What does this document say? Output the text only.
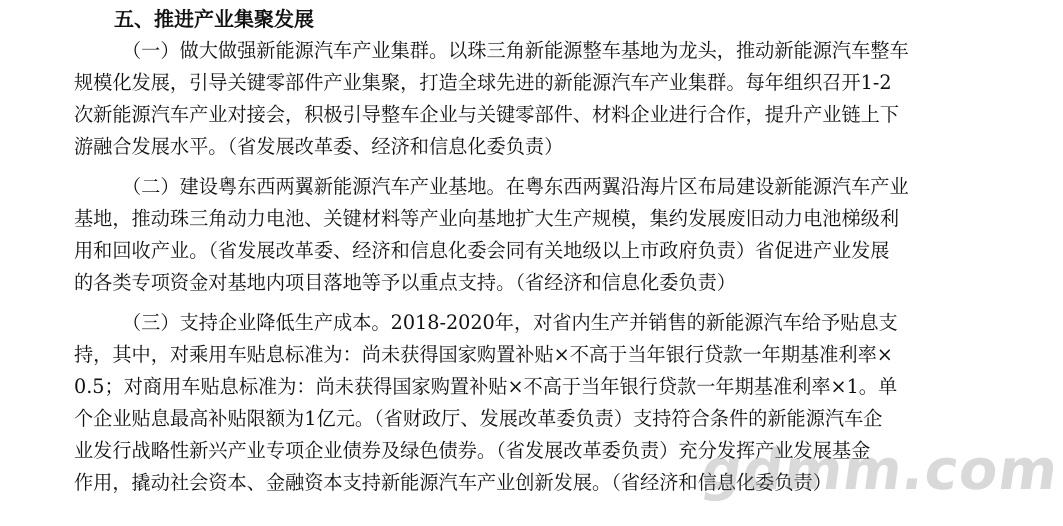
五、推进产业集聚发展
（一）做大做强新能源汽车产业集群。以珠三角新能源整车基地为龙头，推动新能源汽车整车
规模化发展，引导关键零部件产业集聚，打造全球先进的新能源汽车产业集群。每年组织召开1-2
次新能源汽车产业对接会，积极引导整车企业与关键零部件、材料企业进行合作，提升产业链上下
游融合发展水平。（省发展改革委、经济和信息化委负责）
（二）建设粤东西两翼新能源汽车产业基地。在粤东西两翼沿海片区布局建设新能源汽车产业
基地，推动珠三角动力电池、关键材料等产业向基地扩大生产规模，集约发展废旧动力电池梯级利
用和回收产业。（省发展改革委、经济和信息化委会同有关地级以上市政府负责）省促进产业发展
的各类专项资金对基地内项目落地等予以重点支持。（省经济和信息化委负责）
（三）支持企业降低生产成本。2018-2020年，对省内生产并销售的新能源汽车给予贴息支
持，其中，对乘用车贴息标准为：尚未获得国家购置补贴×不高于当年银行贷款一年期基准利率×
0.5；对商用车贴息标准为：尚未获得国家购置补贴×不高于当年银行贷款一年期基准利率×1。单
个企业贴息最高补贴限额为1亿元。（省财政厅、发展改革委负责）支持符合条件的新能源汽车企
业发行战略性新兴产业专项企业债券及绿色债券。（省发展改革委负责）充分发挥产业发展基金
作用，撬动社会资本、金融资本支持新能源汽车产业创新发展。（省经济和信息化委负责）
gdmm.com
